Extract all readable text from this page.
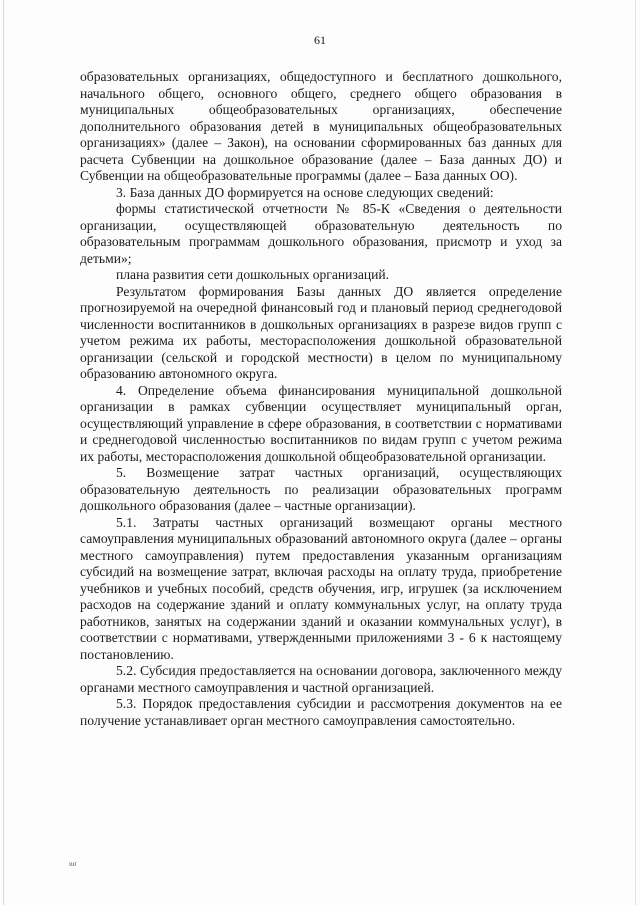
61

образовательных организациях, общедоступного и бесплатного дошкольного, начального общего, основного общего, среднего общего образования в муниципальных общеобразовательных организациях, обеспечение дополнительного образования детей в муниципальных общеобразовательных организациях» (далее – Закон), на основании сформированных баз данных для расчета Субвенции на дошкольное образование (далее – База данных ДО) и Субвенции на общеобразовательные программы (далее – База данных ОО).

3. База данных ДО формируется на основе следующих сведений:

формы статистической отчетности № 85-К «Сведения о деятельности организации, осуществляющей образовательную деятельность по образовательным программам дошкольного образования, присмотр и уход за детьми»;

плана развития сети дошкольных организаций.

Результатом формирования Базы данных ДО является определение прогнозируемой на очередной финансовый год и плановый период среднегодовой численности воспитанников в дошкольных организациях в разрезе видов групп с учетом режима их работы, месторасположения дошкольной образовательной организации (сельской и городской местности) в целом по муниципальному образованию автономного округа.

4. Определение объема финансирования муниципальной дошкольной организации в рамках субвенции осуществляет муниципальный орган, осуществляющий управление в сфере образования, в соответствии с нормативами и среднегодовой численностью воспитанников по видам групп с учетом режима их работы, месторасположения дошкольной общеобразовательной организации.

5. Возмещение затрат частных организаций, осуществляющих образовательную деятельность по реализации образовательных программ дошкольного образования (далее – частные организации).

5.1. Затраты частных организаций возмещают органы местного самоуправления муниципальных образований автономного округа (далее – органы местного самоуправления) путем предоставления указанным организациям субсидий на возмещение затрат, включая расходы на оплату труда, приобретение учебников и учебных пособий, средств обучения, игр, игрушек (за исключением расходов на содержание зданий и оплату коммунальных услуг, на оплату труда работников, занятых на содержании зданий и оказании коммунальных услуг), в соответствии с нормативами, утвержденными приложениями 3 - 6 к настоящему постановлению.

5.2. Субсидия предоставляется на основании договора, заключенного между органами местного самоуправления и частной организацией.

5.3. Порядок предоставления субсидии и рассмотрения документов на ее получение устанавливает орган местного самоуправления самостоятельно.

ιισ
